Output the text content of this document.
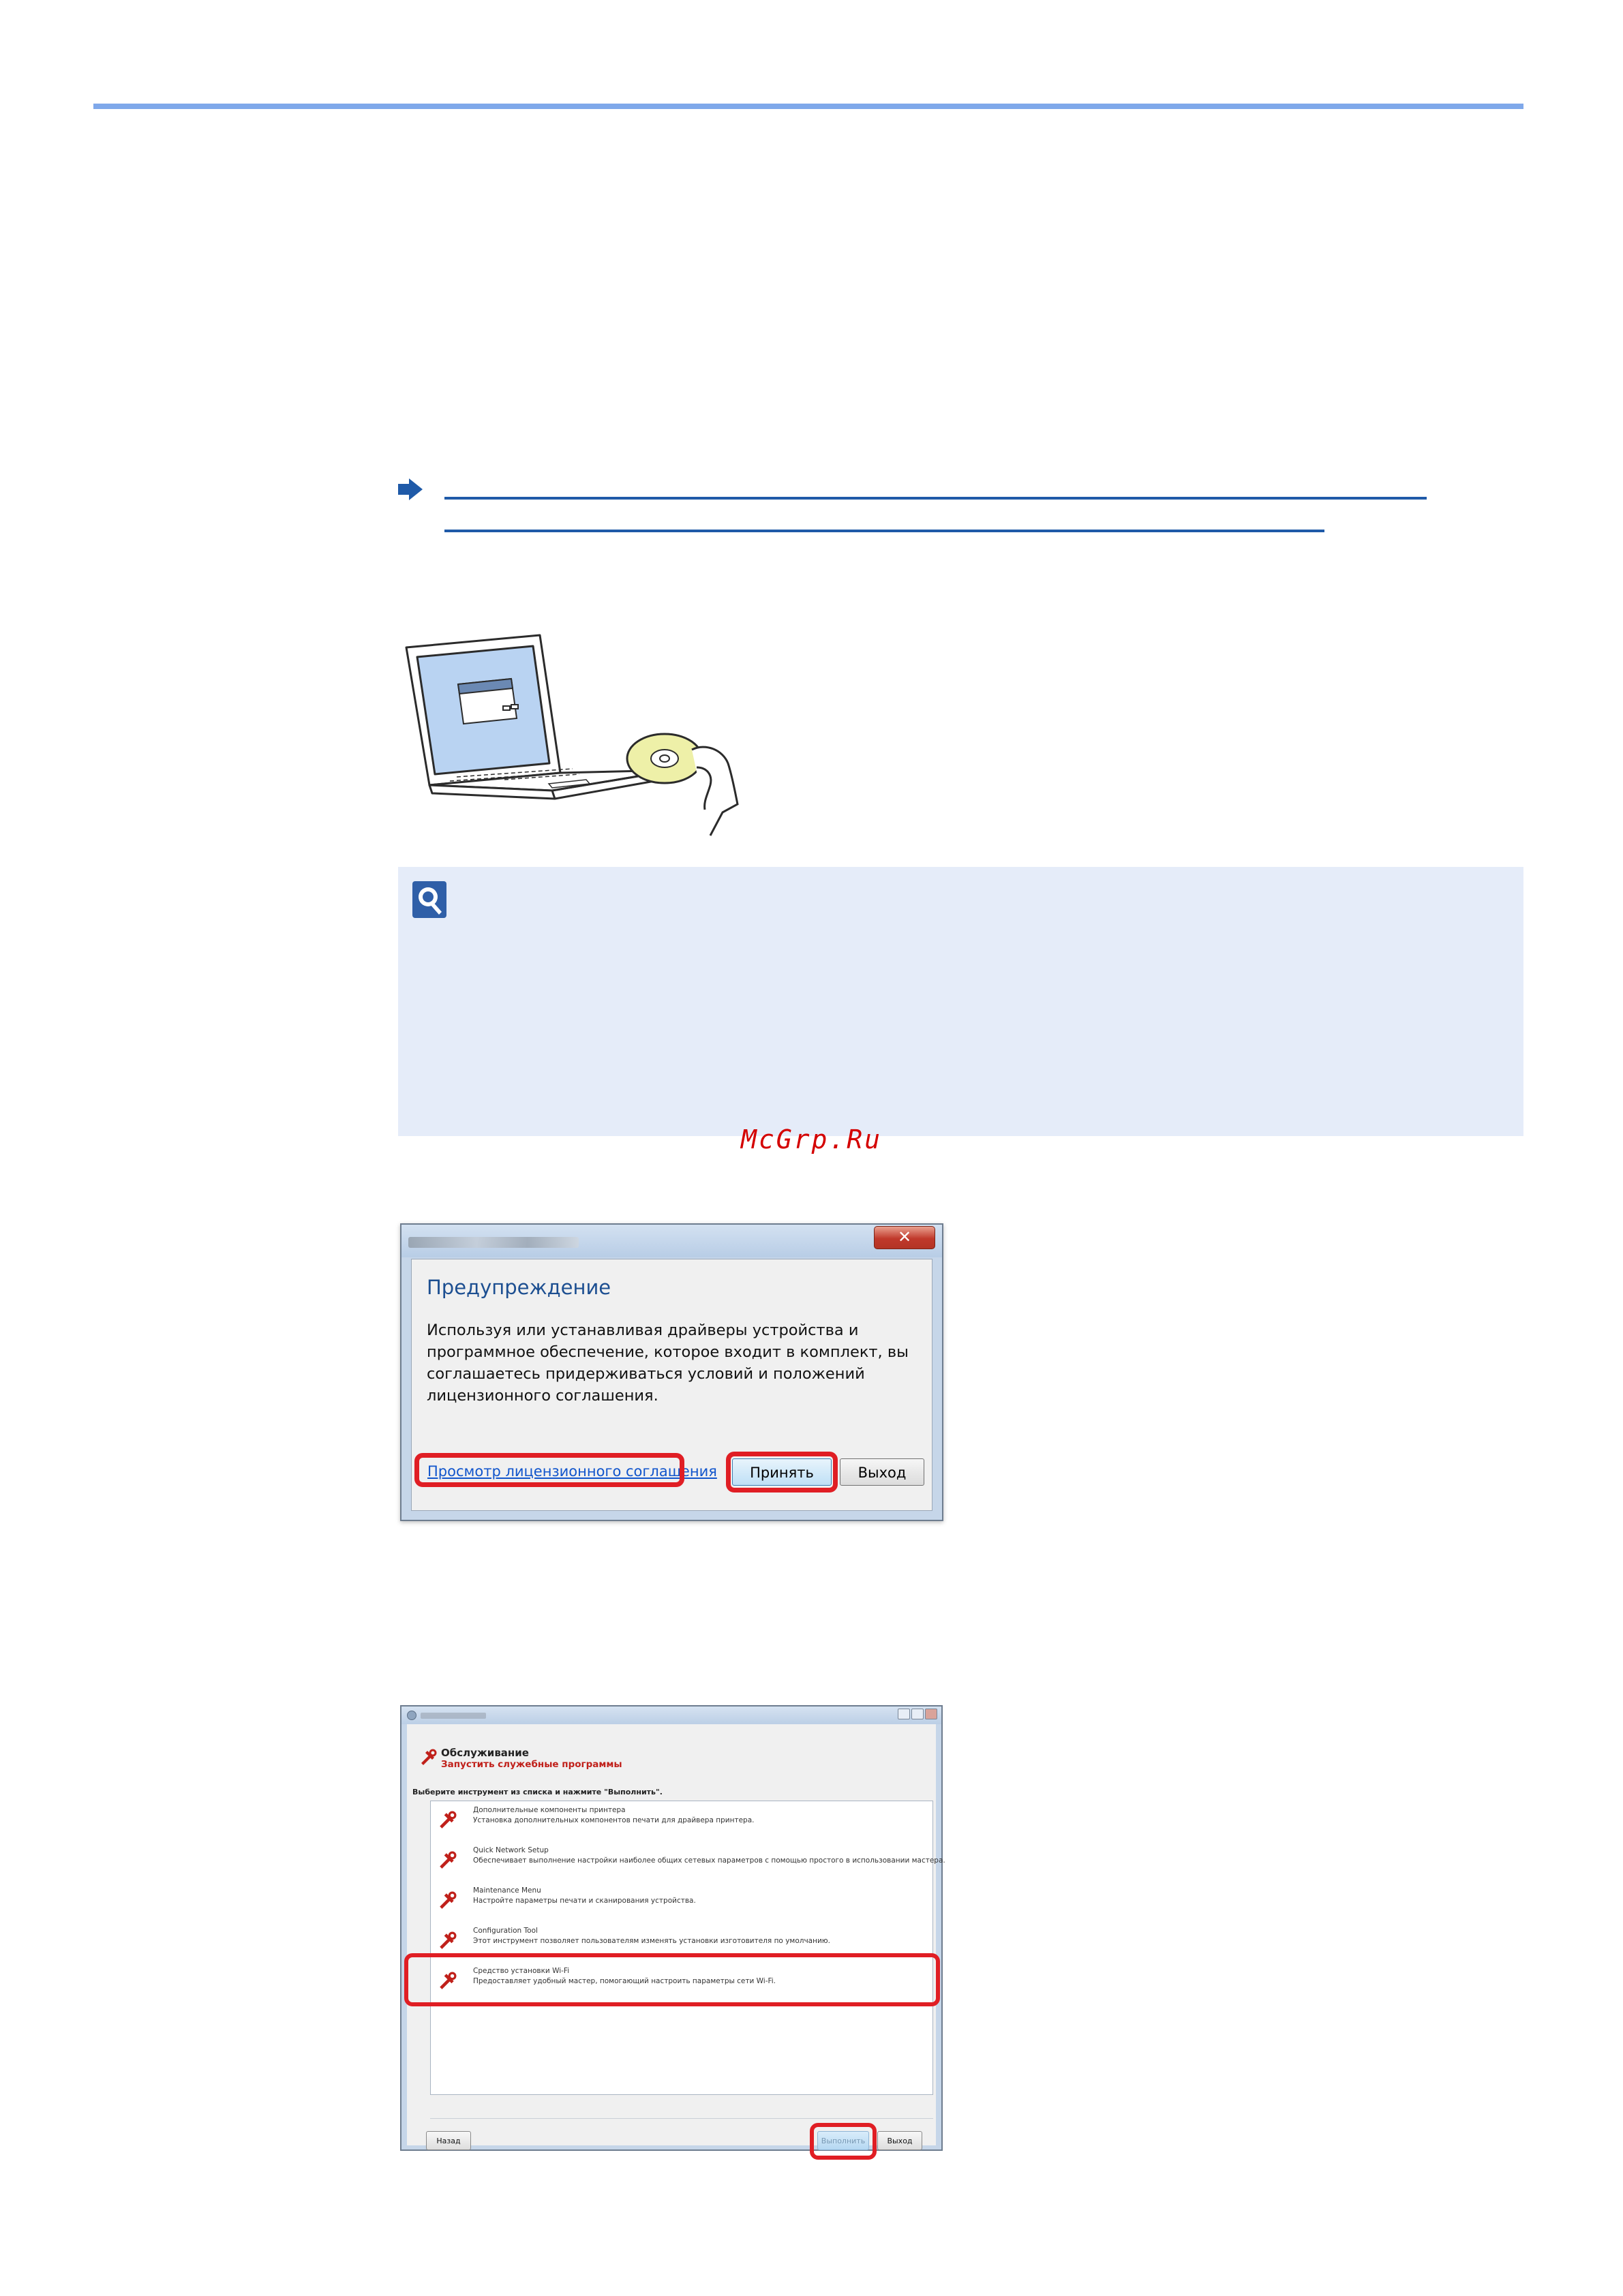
McGrp.Ru
✕
Предупреждение
Используя или устанавливая драйверы устройства и программное обеспечение, которое входит в комплект, вы соглашаетесь придерживаться условий и положений лицензионного соглашения.
Просмотр лицензионного соглашения	Принять	Выход
Обслуживание
Запустить служебные программы
Выберите инструмент из списка и нажмите "Выполнить".
Дополнительные компоненты принтера
Установка дополнительных компонентов печати для драйвера принтера.
Quick Network Setup
Обеспечивает выполнение настройки наиболее общих сетевых параметров с помощью простого в использовании мастера.
Maintenance Menu
Настройте параметры печати и сканирования устройства.
Configuration Tool
Этот инструмент позволяет пользователям изменять установки изготовителя по умолчанию.
Средство установки Wi-Fi
Предоставляет удобный мастер, помогающий настроить параметры сети Wi-Fi.
Назад	Выполнить	Выход
